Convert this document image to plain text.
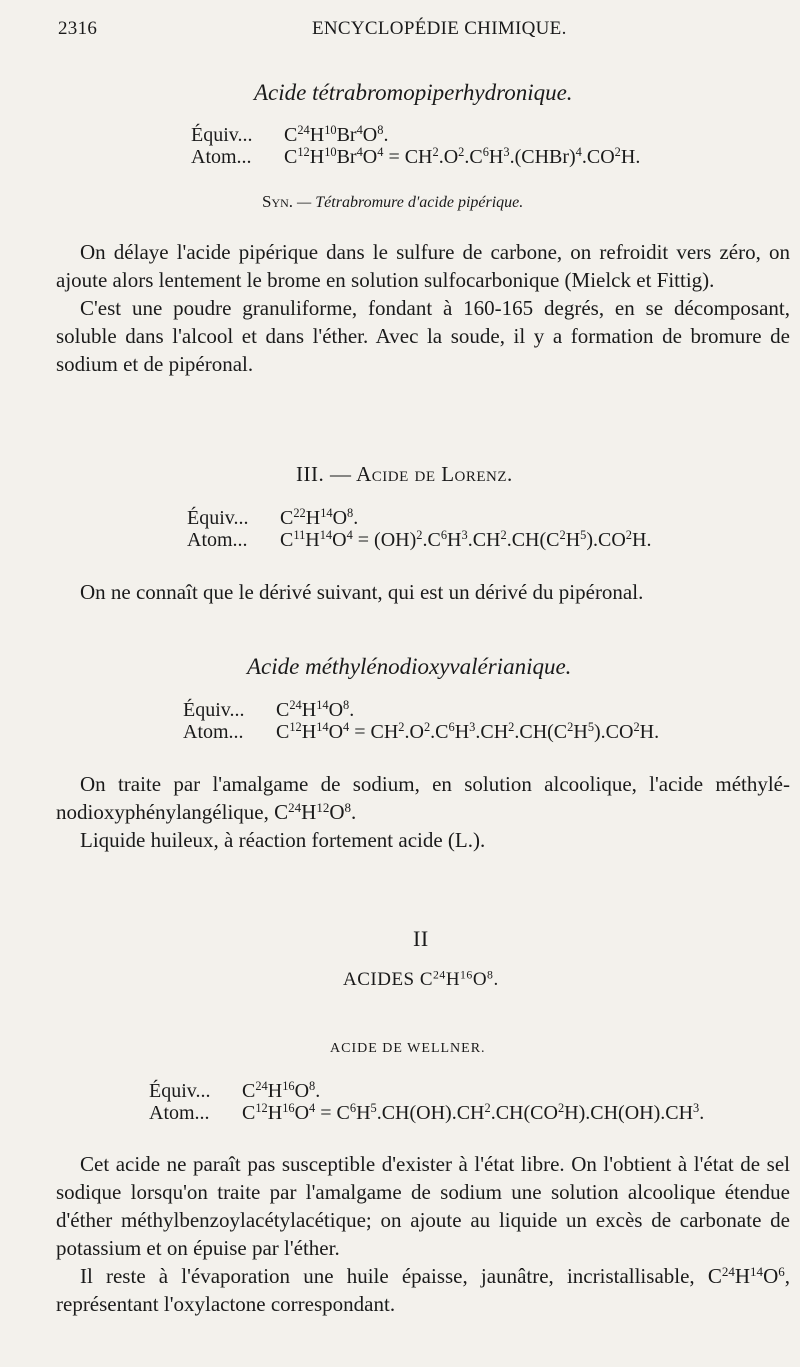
2316	ENCYCLOPÉDIE CHIMIQUE.
Acide tétrabromopiperhydronique.
Équiv... $C^{24}H^{10}Br^4O^8$.
Atom... $C^{12}H^{10}Br^4O^4$ = $CH^2.O^2.C^6H^3.(CHBr)^4.CO^2H$.
Syn. — Tétrabromure d'acide pipérique.

On délaye l'acide pipérique dans le sulfure de carbone, on refroidit vers zéro, on ajoute alors lentement le brome en solution sulfocarbonique (Mielck et Fittig).

C'est une poudre granuliforme, fondant à 160-165 degrés, en se décomposant, soluble dans l'alcool et dans l'éther. Avec la soude, il y a formation de bromure de sodium et de pipéronal.

III. — Acide de Lorenz.
Équiv... $C^{22}H^{14}O^8$.
Atom... $C^{11}H^{14}O^4 = (OH)^2.C^6H^3.CH^2.CH(C^2H^5).CO^2H$.

On ne connaît que le dérivé suivant, qui est un dérivé du pipéronal.

Acide méthylénodioxyvalérianique.
Équiv... $C^{24}H^{14}O^8$.
Atom... $C^{12}H^{14}O^4 = CH^2.O^2.C^6H^3.CH^2.CH(C^2H^5).CO^2H$.

On traite par l'amalgame de sodium, en solution alcoolique, l'acide méthylé-nodioxyphénylangélique, $C^{24}H^{12}O^8$.

Liquide huileux, à réaction fortement acide (L.).

II
ACIDES $C^{24}H^{16}O^8$.
ACIDE DE WELLNER.
Équiv... $C^{24}H^{16}O^8$.
Atom... $C^{12}H^{16}O^4 = C^6H^5.CH(OH).CH^2.CH(CO^2H).CH(OH).CH^3$.

Cet acide ne paraît pas susceptible d'exister à l'état libre. On l'obtient à l'état de sel sodique lorsqu'on traite par l'amalgame de sodium une solution alcoolique étendue d'éther méthylbenzoylacétylacétique; on ajoute au liquide un excès de carbonate de potassium et on épuise par l'éther.

Il reste à l'évaporation une huile épaisse, jaunâtre, incristallisable, $C^{24}H^{14}O^6$, représentant l'oxylactone correspondant.
